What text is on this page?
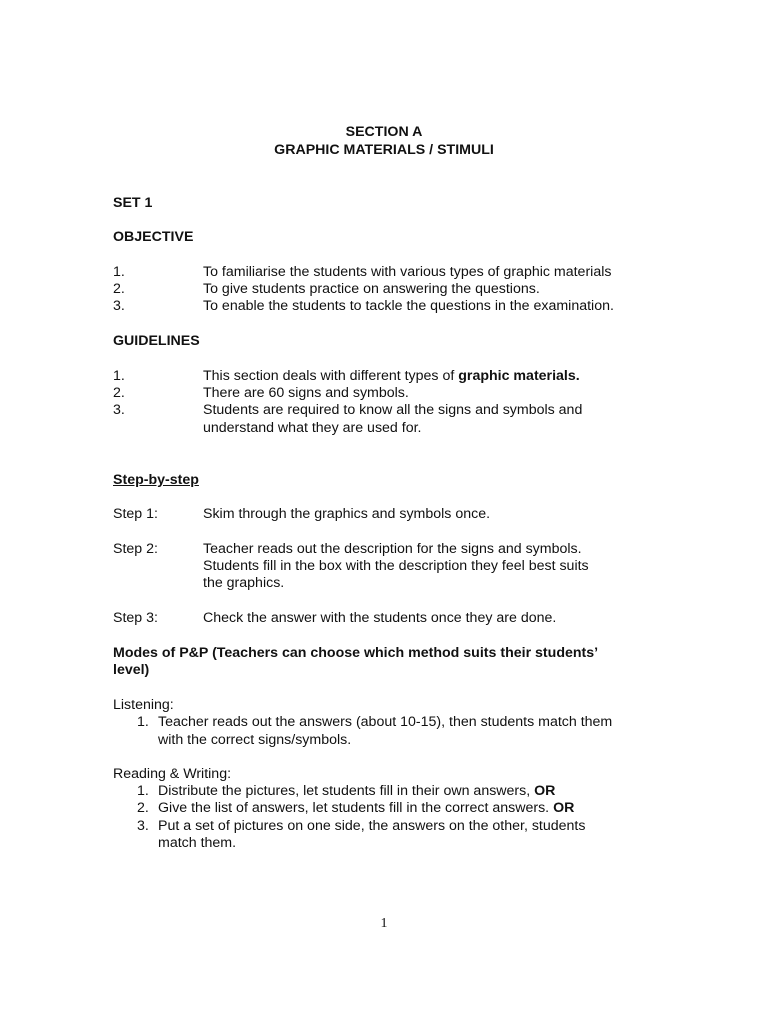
SECTION A
GRAPHIC MATERIALS / STIMULI
SET 1
OBJECTIVE
1.	To familiarise the students with various types of graphic materials
2.	To give students practice on answering the questions.
3.	To enable the students to tackle the questions in the examination.
GUIDELINES
1.	This section deals with different types of graphic materials.
2.	There are 60 signs and symbols.
3.	Students are required to know all the signs and symbols and
understand what they are used for.
Step-by-step
Step 1:	Skim through the graphics and symbols once.
Step 2:	Teacher reads out the description for the signs and symbols.
Students fill in the box with the description they feel best suits
the graphics.
Step 3:	Check the answer with the students once they are done.
Modes of P&P (Teachers can choose which method suits their students’
level)
Listening:
1. Teacher reads out the answers (about 10-15), then students match them
with the correct signs/symbols.
Reading & Writing:
1. Distribute the pictures, let students fill in their own answers, OR
2. Give the list of answers, let students fill in the correct answers. OR
3. Put a set of pictures on one side, the answers on the other, students
match them.
1
